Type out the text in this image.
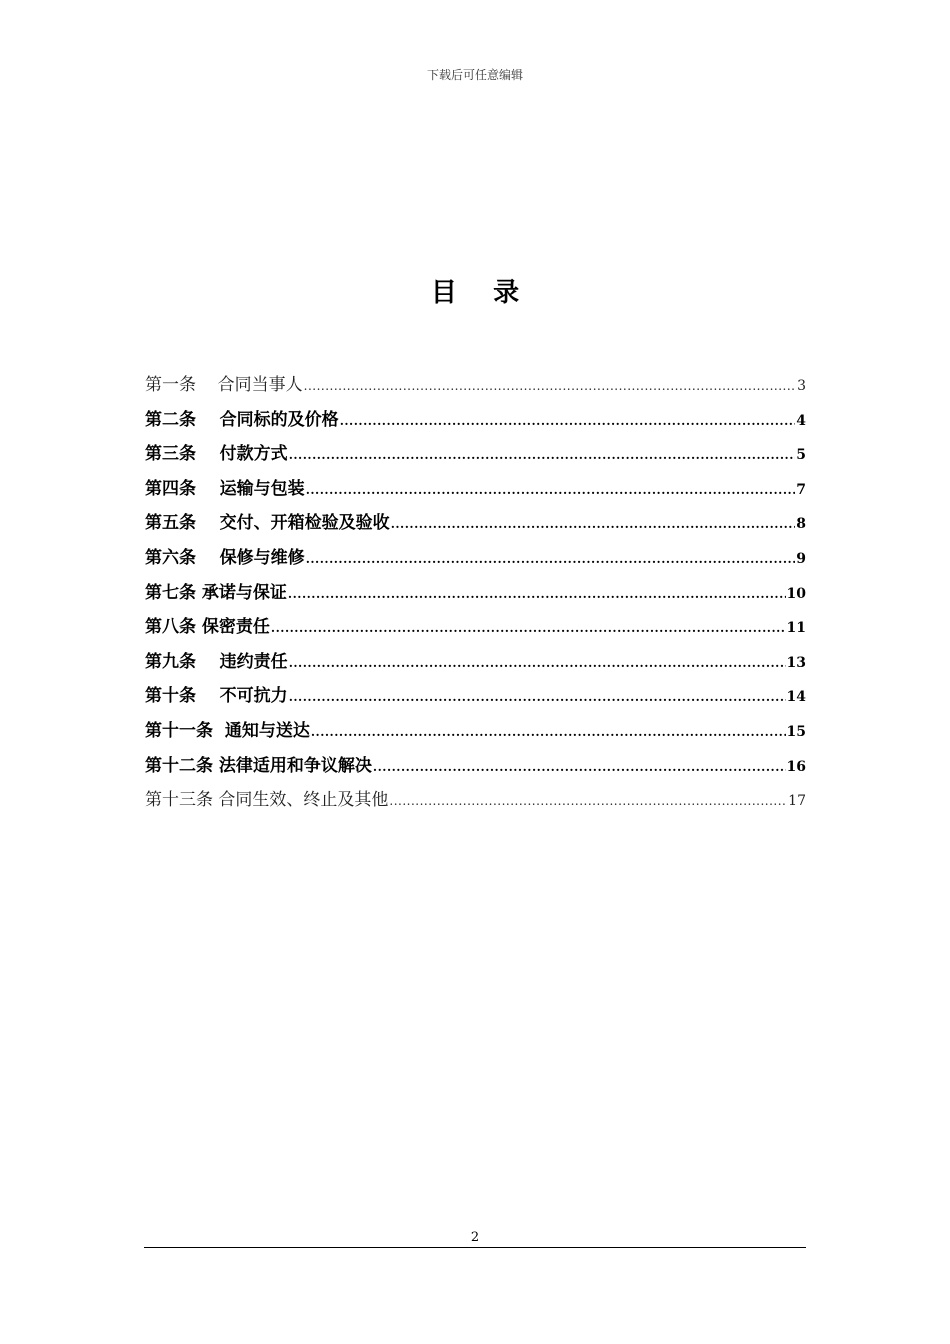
下载后可任意编辑
目    录
第一条    合同当事人 .....	3
第二条    合同标的及价格 .....	4
第三条    付款方式 .....	5
第四条    运输与包装 .....	7
第五条    交付、开箱检验及验收 .....	8
第六条    保修与维修 .....	9
第七条 承诺与保证 .....	10
第八条 保密责任 .....	11
第九条    违约责任 .....	13
第十条    不可抗力 .....	14
第十一条  通知与送达 .....	15
第十二条 法律适用和争议解决 .....	16
第十三条 合同生效、终止及其他 .....	17
2
